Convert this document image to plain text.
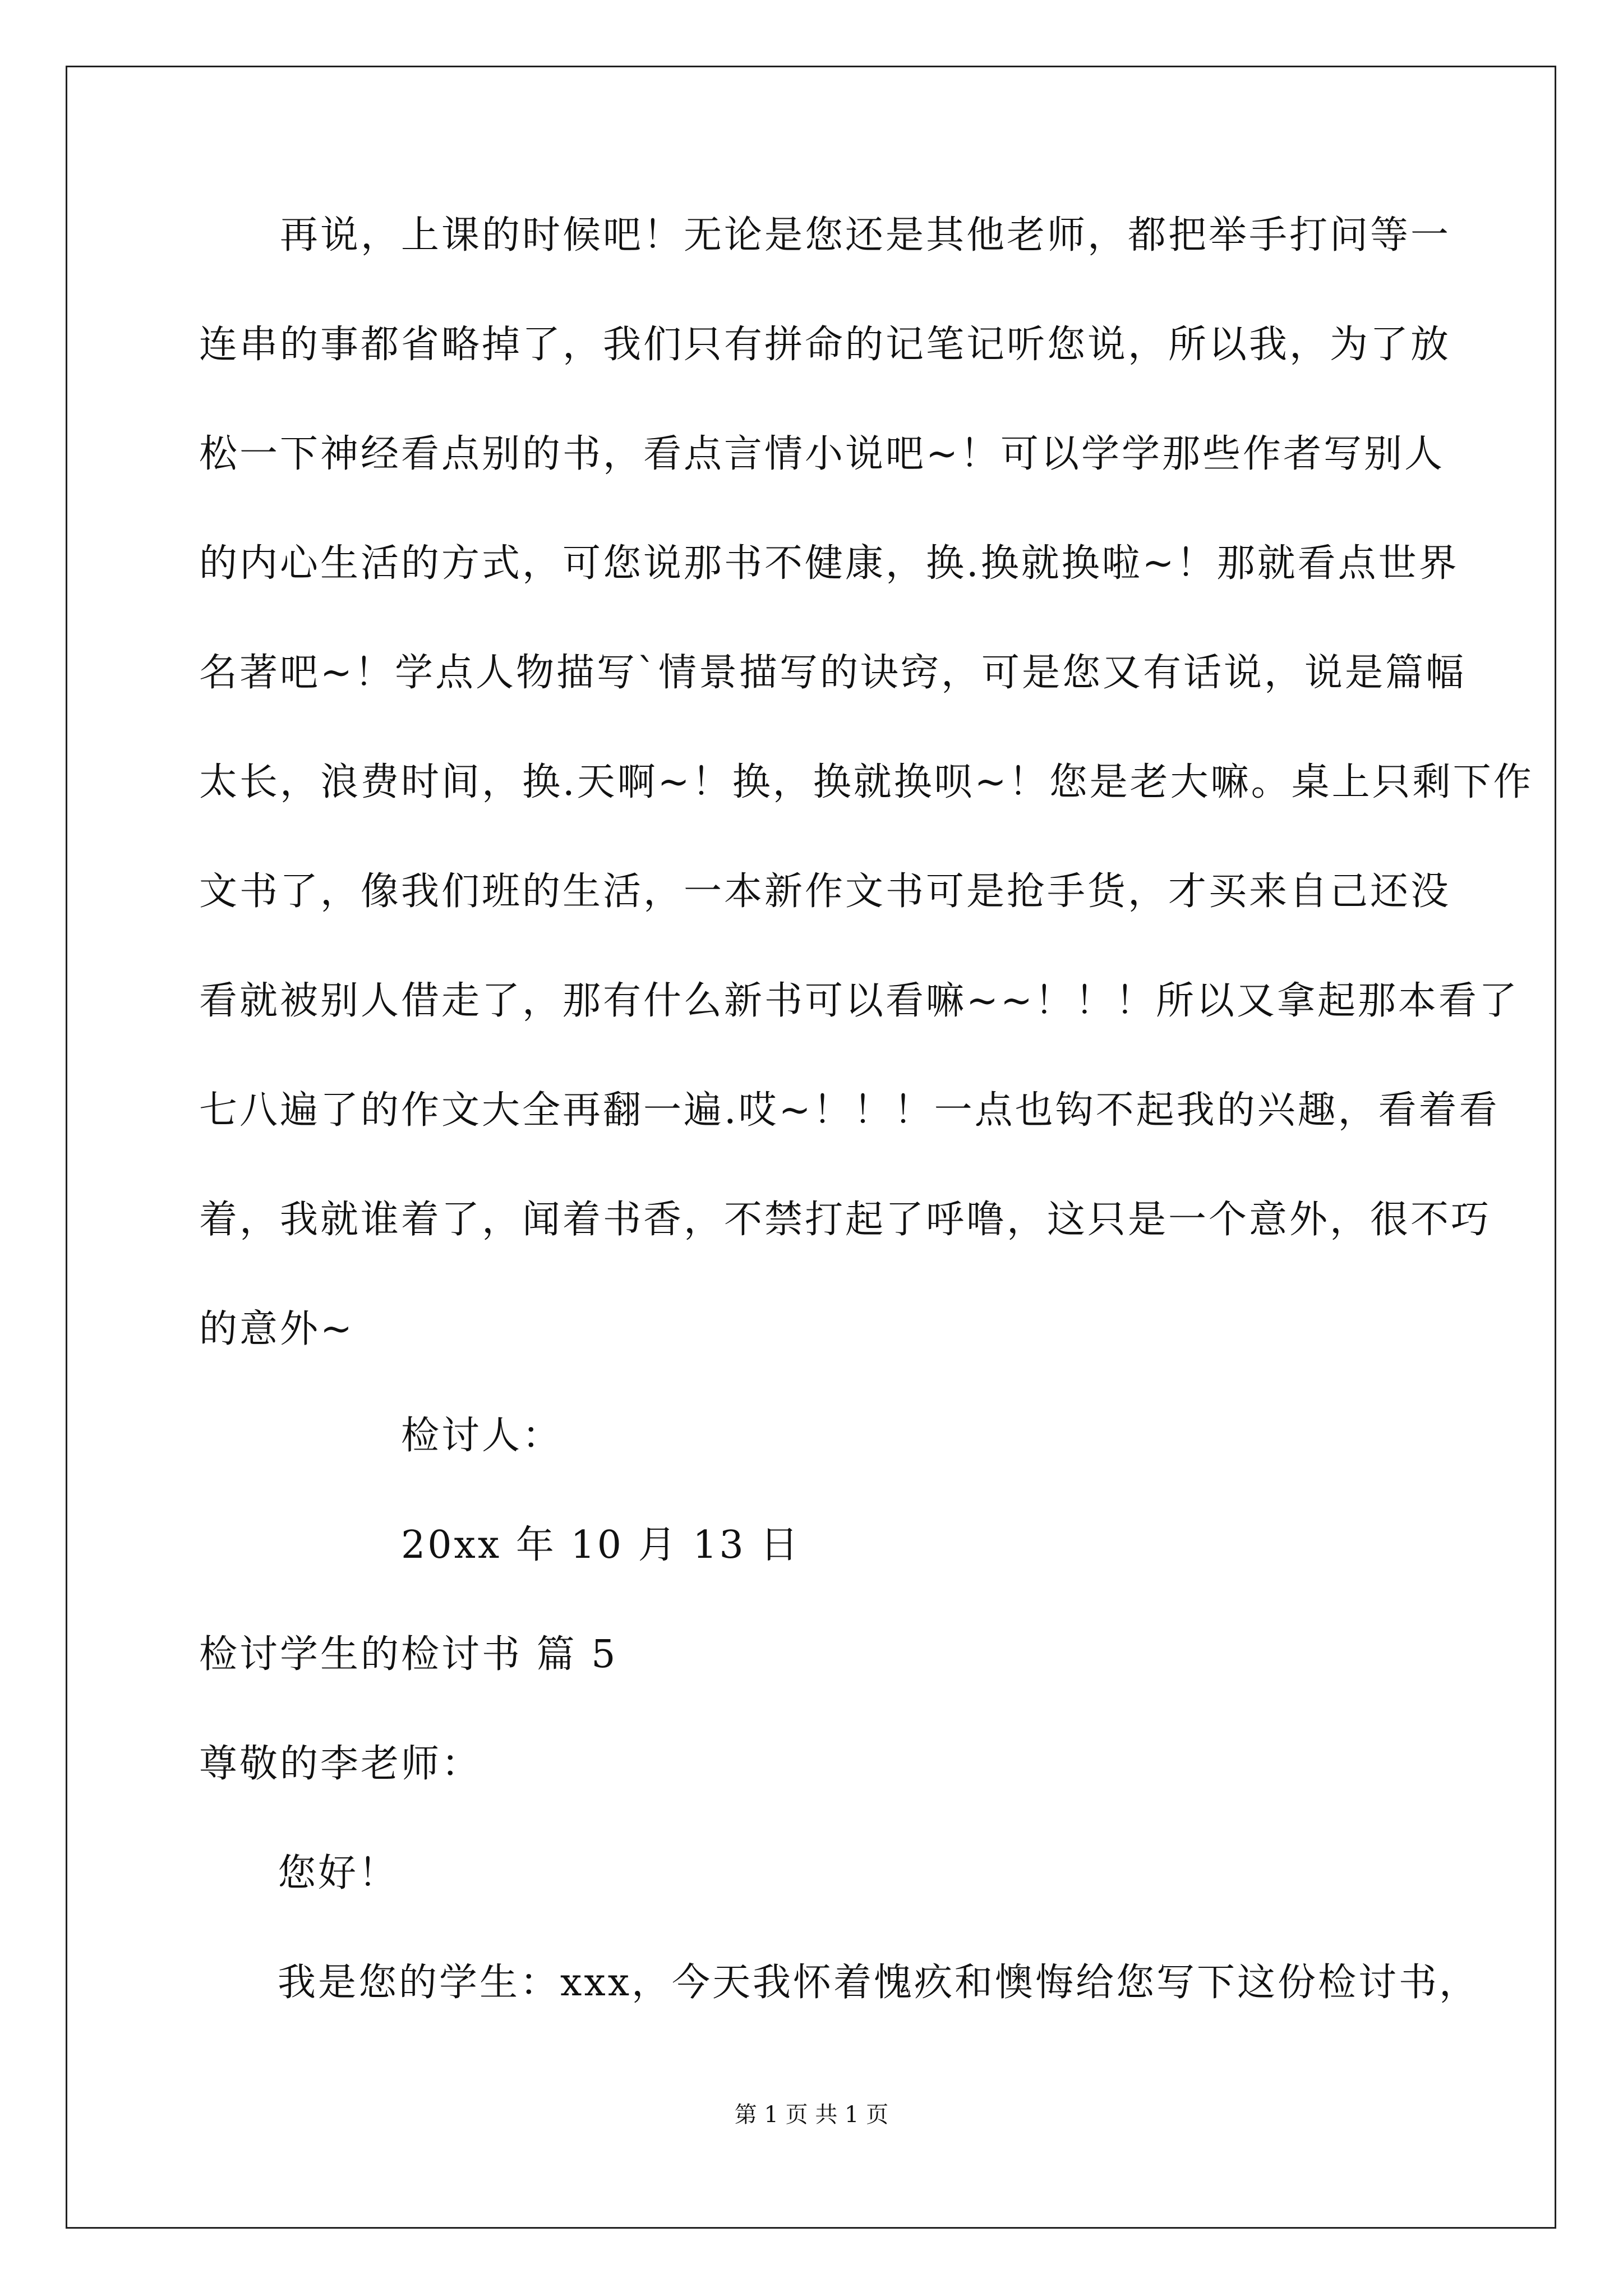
　　再说，上课的时候吧！无论是您还是其他老师，都把举手打问等一
连串的事都省略掉了，我们只有拼命的记笔记听您说，所以我，为了放
松一下神经看点别的书，看点言情小说吧~！可以学学那些作者写别人
的内心生活的方式，可您说那书不健康，换.换就换啦~！那就看点世界
名著吧~！学点人物描写`情景描写的诀窍，可是您又有话说，说是篇幅
太长，浪费时间，换.天啊~！换，换就换呗~！您是老大嘛。桌上只剩下作
文书了，像我们班的生活，一本新作文书可是抢手货，才买来自己还没
看就被别人借走了，那有什么新书可以看嘛~~！！！所以又拿起那本看了
七八遍了的作文大全再翻一遍.哎~！！！一点也钩不起我的兴趣，看着看
着，我就谁着了，闻着书香，不禁打起了呼噜，这只是一个意外，很不巧
的意外~
检讨人：
20xx 年 10 月 13 日
检讨学生的检讨书 篇 5
尊敬的李老师：
您好！
我是您的学生：xxx，今天我怀着愧疚和懊悔给您写下这份检讨书，
第 1 页 共 1 页
